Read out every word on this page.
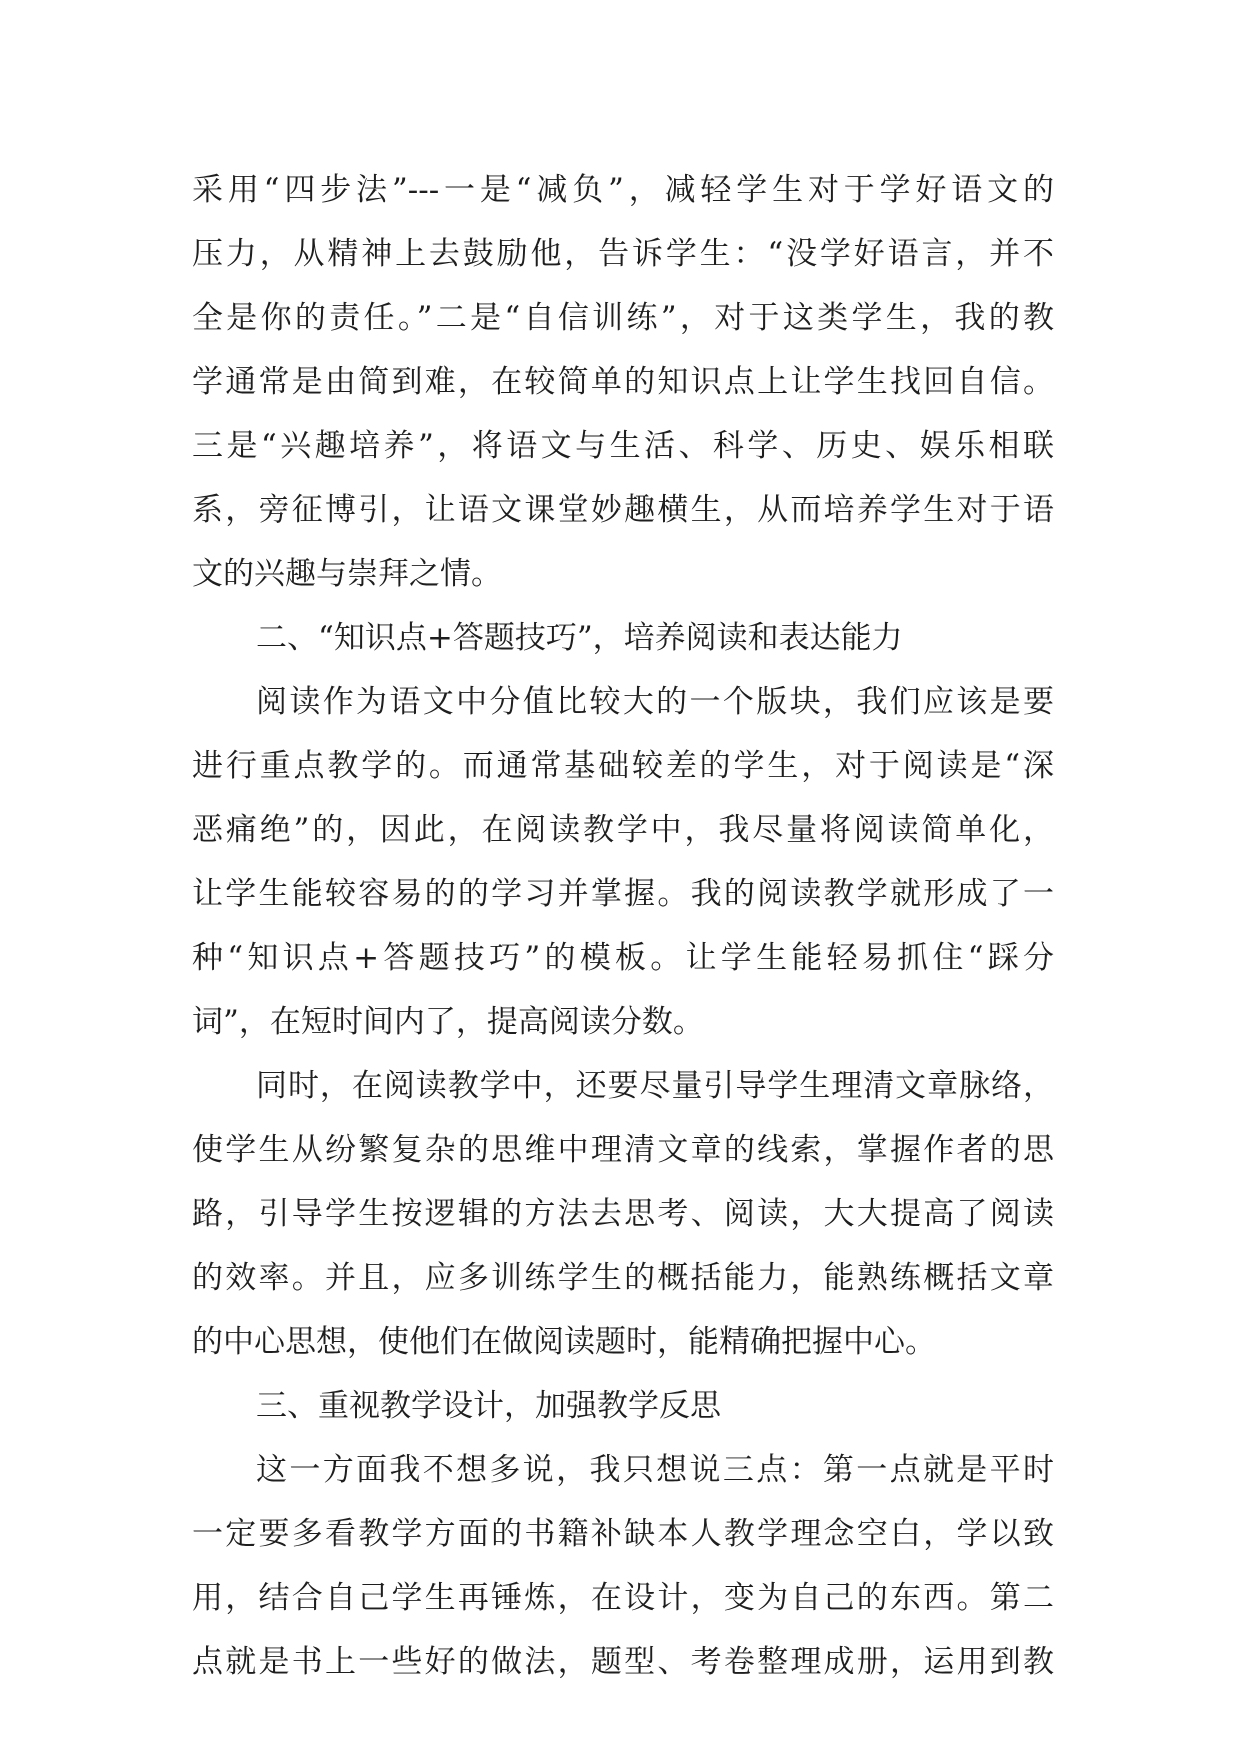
采用“四步法”---一是“减负”，减轻学生对于学好语文的
压力，从精神上去鼓励他，告诉学生：“没学好语言，并不
全是你的责任。”二是“自信训练”，对于这类学生，我的教
学通常是由简到难，在较简单的知识点上让学生找回自信。
三是“兴趣培养”，将语文与生活、科学、历史、娱乐相联
系，旁征博引，让语文课堂妙趣横生，从而培养学生对于语
文的兴趣与崇拜之情。
二、“知识点+答题技巧”，培养阅读和表达能力
阅读作为语文中分值比较大的一个版块，我们应该是要
进行重点教学的。而通常基础较差的学生，对于阅读是“深
恶痛绝”的，因此，在阅读教学中，我尽量将阅读简单化，
让学生能较容易的的学习并掌握。我的阅读教学就形成了一
种“知识点+答题技巧”的模板。让学生能轻易抓住“踩分
词”，在短时间内了，提高阅读分数。
同时，在阅读教学中，还要尽量引导学生理清文章脉络，
使学生从纷繁复杂的思维中理清文章的线索，掌握作者的思
路，引导学生按逻辑的方法去思考、阅读，大大提高了阅读
的效率。并且，应多训练学生的概括能力，能熟练概括文章
的中心思想，使他们在做阅读题时，能精确把握中心。
三、重视教学设计，加强教学反思
这一方面我不想多说，我只想说三点：第一点就是平时
一定要多看教学方面的书籍补缺本人教学理念空白，学以致
用，结合自己学生再锤炼，在设计，变为自己的东西。第二
点就是书上一些好的做法，题型、考卷整理成册，运用到教
